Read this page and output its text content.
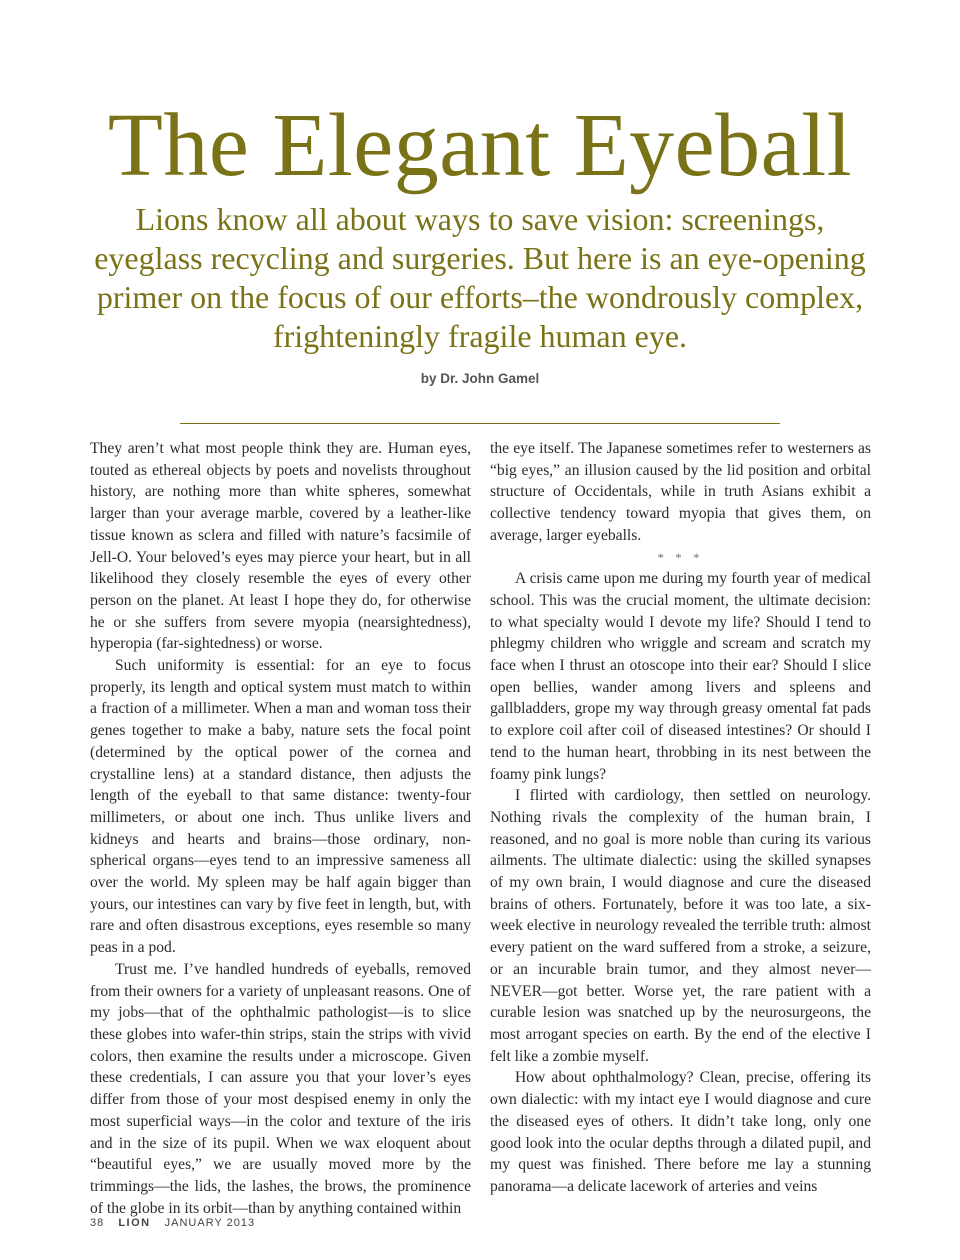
The Elegant Eyeball

Lions know all about ways to save vision: screenings, eyeglass recycling and surgeries. But here is an eye-opening primer on the focus of our efforts–the wondrously complex, frighteningly fragile human eye.

by Dr. John Gamel

They aren’t what most people think they are. Human eyes, touted as ethereal objects by poets and novelists throughout history, are nothing more than white spheres, somewhat larger than your average marble, covered by a leather-like tissue known as sclera and filled with nature’s facsimile of Jell-O. Your beloved’s eyes may pierce your heart, but in all likelihood they closely resemble the eyes of every other person on the planet. At least I hope they do, for otherwise he or she suffers from severe myopia (nearsightedness), hyperopia (far-sightedness) or worse.

Such uniformity is essential: for an eye to focus properly, its length and optical system must match to within a fraction of a millimeter. When a man and woman toss their genes together to make a baby, nature sets the focal point (determined by the optical power of the cornea and crystalline lens) at a standard distance, then adjusts the length of the eyeball to that same distance: twenty-four millimeters, or about one inch. Thus unlike livers and kidneys and hearts and brains—those ordinary, non-spherical organs—eyes tend to an impressive sameness all over the world. My spleen may be half again bigger than yours, our intestines can vary by five feet in length, but, with rare and often disastrous exceptions, eyes resemble so many peas in a pod.

Trust me. I’ve handled hundreds of eyeballs, removed from their owners for a variety of unpleasant reasons. One of my jobs—that of the ophthalmic pathologist—is to slice these globes into wafer-thin strips, stain the strips with vivid colors, then examine the results under a microscope. Given these credentials, I can assure you that your lover’s eyes differ from those of your most despised enemy in only the most superficial ways—in the color and texture of the iris and in the size of its pupil. When we wax eloquent about “beautiful eyes,” we are usually moved more by the trimmings—the lids, the lashes, the brows, the prominence of the globe in its orbit—than by anything contained within

the eye itself. The Japanese sometimes refer to westerners as “big eyes,” an illusion caused by the lid position and orbital structure of Occidentals, while in truth Asians exhibit a collective tendency toward myopia that gives them, on average, larger eyeballs.

* * *

A crisis came upon me during my fourth year of medical school. This was the crucial moment, the ultimate decision: to what specialty would I devote my life? Should I tend to phlegmy children who wriggle and scream and scratch my face when I thrust an otoscope into their ear? Should I slice open bellies, wander among livers and spleens and gallbladders, grope my way through greasy omental fat pads to explore coil after coil of diseased intestines? Or should I tend to the human heart, throbbing in its nest between the foamy pink lungs?

I flirted with cardiology, then settled on neurology. Nothing rivals the complexity of the human brain, I reasoned, and no goal is more noble than curing its various ailments. The ultimate dialectic: using the skilled synapses of my own brain, I would diagnose and cure the diseased brains of others. Fortunately, before it was too late, a six-week elective in neurology revealed the terrible truth: almost every patient on the ward suffered from a stroke, a seizure, or an incurable brain tumor, and they almost never—NEVER—got better. Worse yet, the rare patient with a curable lesion was snatched up by the neurosurgeons, the most arrogant species on earth. By the end of the elective I felt like a zombie myself.

How about ophthalmology? Clean, precise, offering its own dialectic: with my intact eye I would diagnose and cure the diseased eyes of others. It didn’t take long, only one good look into the ocular depths through a dilated pupil, and my quest was finished. There before me lay a stunning panorama—a delicate lacework of arteries and veins

38 LION JANUARY 2013
